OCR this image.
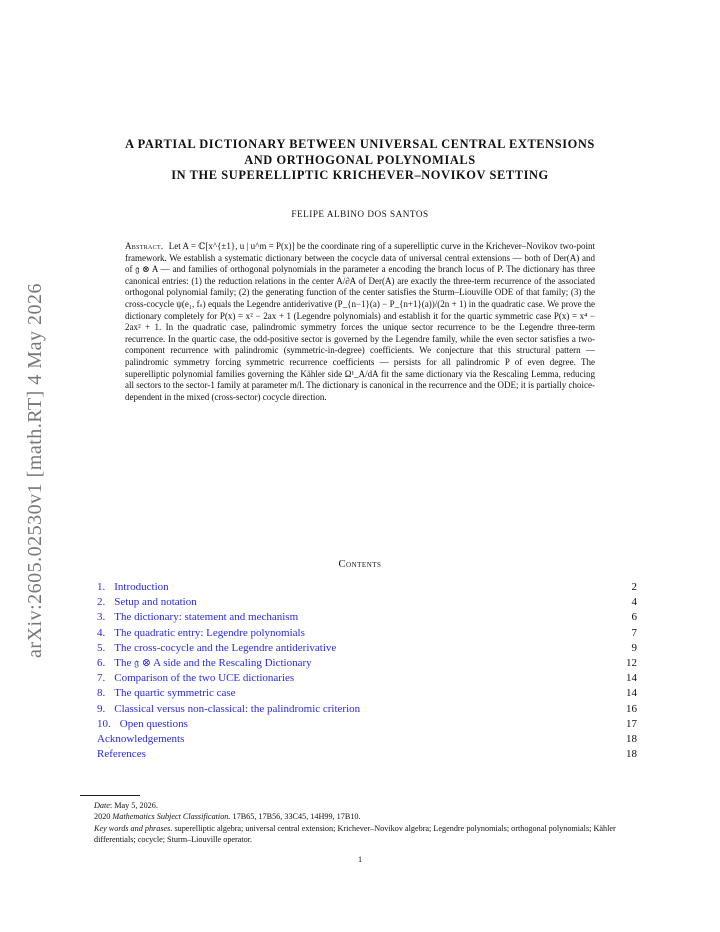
arXiv:2605.02530v1 [math.RT] 4 May 2026
A PARTIAL DICTIONARY BETWEEN UNIVERSAL CENTRAL EXTENSIONS
AND ORTHOGONAL POLYNOMIALS
IN THE SUPERELLIPTIC KRICHEVER–NOVIKOV SETTING
FELIPE ALBINO DOS SANTOS
Abstract. Let A = ℂ[x^{±1}, u | u^m = P(x)] be the coordinate ring of a superelliptic curve in the Krichever–Novikov two-point framework. We establish a systematic dictionary between the cocycle data of universal central extensions — both of Der(A) and of 𝔤 ⊗ A — and families of orthogonal polynomials in the parameter a encoding the branch locus of P. The dictionary has three canonical entries: (1) the reduction relations in the center A/∂A of Der(A) are exactly the three-term recurrence of the associated orthogonal polynomial family; (2) the generating function of the center satisfies the Sturm–Liouville ODE of that family; (3) the cross-cocycle ψ(e₁, fₛ) equals the Legendre antiderivative (P_{n−1}(a) − P_{n+1}(a))/(2n + 1) in the quadratic case. We prove the dictionary completely for P(x) = x² − 2ax + 1 (Legendre polynomials) and establish it for the quartic symmetric case P(x) = x⁴ − 2ax² + 1. In the quadratic case, palindromic symmetry forces the unique sector recurrence to be the Legendre three-term recurrence. In the quartic case, the odd-positive sector is governed by the Legendre family, while the even sector satisfies a two-component recurrence with palindromic (symmetric-in-degree) coefficients. We conjecture that this structural pattern — palindromic symmetry forcing symmetric recurrence coefficients — persists for all palindromic P of even degree. The superelliptic polynomial families governing the Kähler side Ω¹_A/dA fit the same dictionary via the Rescaling Lemma, reducing all sectors to the sector-1 family at parameter m/l. The dictionary is canonical in the recurrence and the ODE; it is partially choice-dependent in the mixed (cross-sector) cocycle direction.
Contents
1. Introduction	2
2. Setup and notation	4
3. The dictionary: statement and mechanism	6
4. The quadratic entry: Legendre polynomials	7
5. The cross-cocycle and the Legendre antiderivative	9
6. The 𝔤 ⊗ A side and the Rescaling Dictionary	12
7. Comparison of the two UCE dictionaries	14
8. The quartic symmetric case	14
9. Classical versus non-classical: the palindromic criterion	16
10. Open questions	17
Acknowledgements	18
References	18
Date: May 5, 2026.
2020 Mathematics Subject Classification. 17B65, 17B56, 33C45, 14H99, 17B10.
Key words and phrases. superelliptic algebra; universal central extension; Krichever–Novikov algebra; Legendre polynomials; orthogonal polynomials; Kähler differentials; cocycle; Sturm–Liouville operator.
1
